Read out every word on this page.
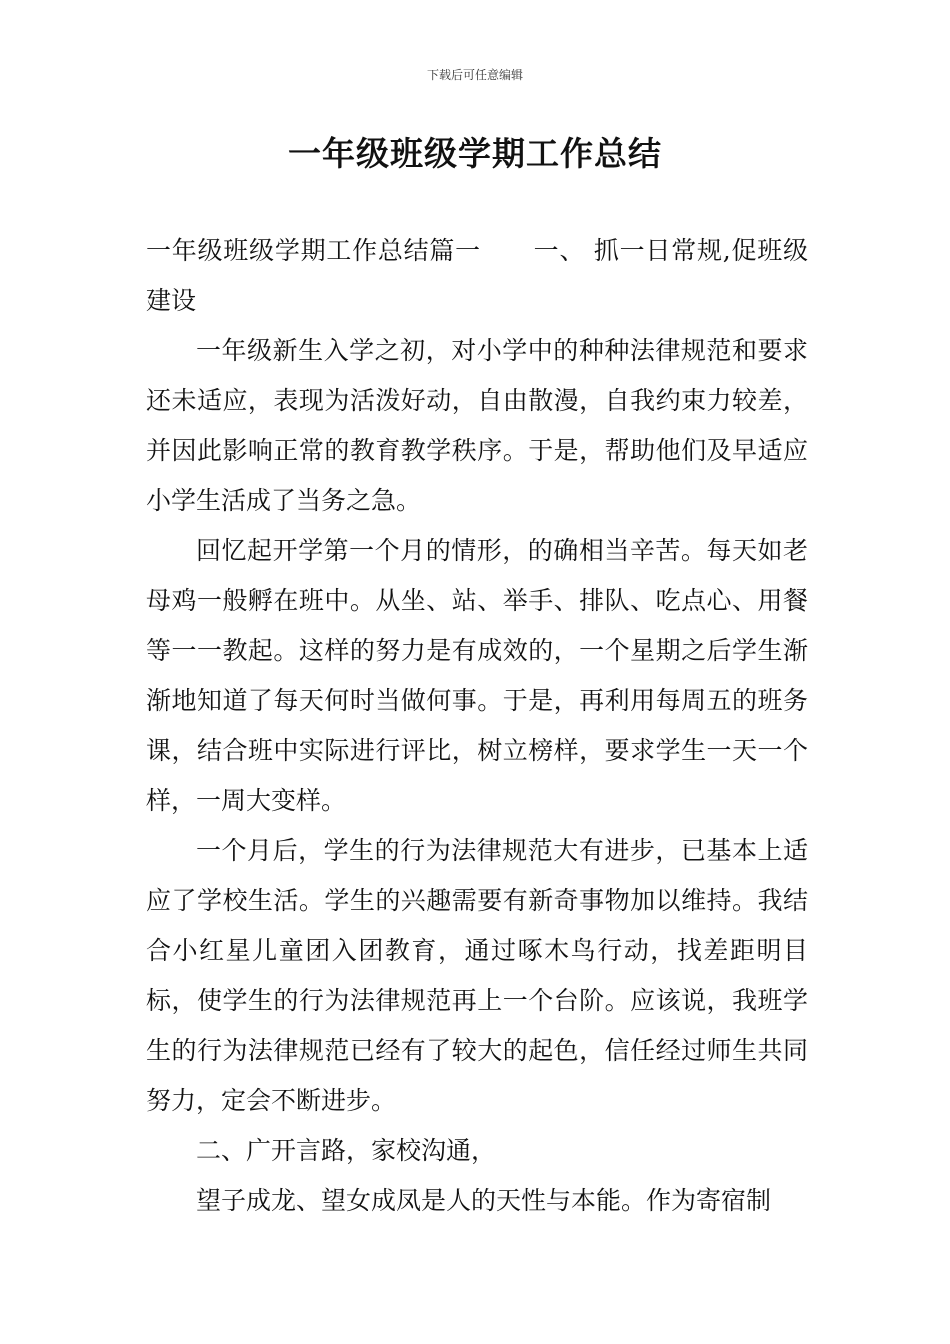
下载后可任意编辑
一年级班级学期工作总结

一年级班级学期工作总结篇一 一、 抓一日常规,促班级建设

一年级新生入学之初，对小学中的种种法律规范和要求还未适应，表现为活泼好动，自由散漫，自我约束力较差，并因此影响正常的教育教学秩序。于是，帮助他们及早适应小学生活成了当务之急。

回忆起开学第一个月的情形，的确相当辛苦。每天如老母鸡一般孵在班中。从坐、站、举手、排队、吃点心、用餐等一一教起。这样的努力是有成效的，一个星期之后学生渐渐地知道了每天何时当做何事。于是，再利用每周五的班务课，结合班中实际进行评比，树立榜样，要求学生一天一个样，一周大变样。

一个月后，学生的行为法律规范大有进步，已基本上适应了学校生活。学生的兴趣需要有新奇事物加以维持。我结合小红星儿童团入团教育，通过啄木鸟行动，找差距明目标，使学生的行为法律规范再上一个台阶。应该说，我班学生的行为法律规范已经有了较大的起色，信任经过师生共同努力，定会不断进步。

二、广开言路，家校沟通，

望子成龙、望女成凤是人的天性与本能。作为寄宿制
